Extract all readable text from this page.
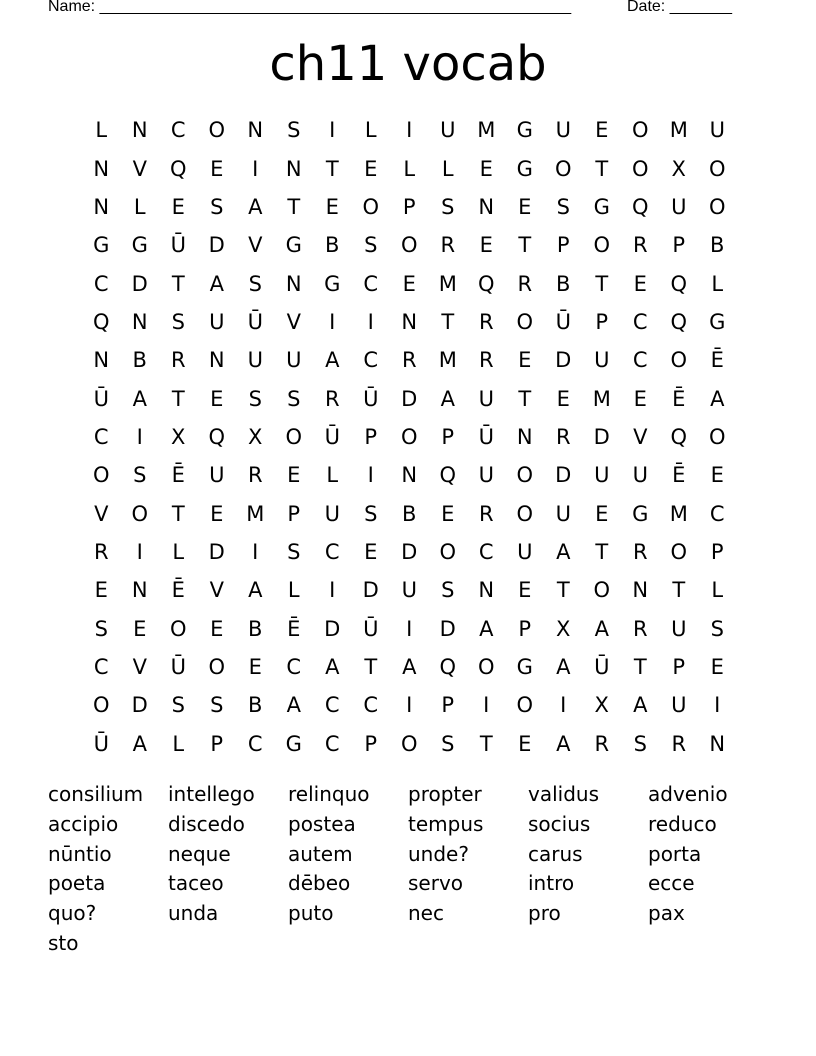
Name: _____________________________________________________	Date: _______
ch11 vocab
L	N	C	O	N	S	I	L	I	U	M	G	U	E	O	M	U
N	V	Q	E	I	N	T	E	L	L	E	G	O	T	O	X	O
N	L	E	S	A	T	E	O	P	S	N	E	S	G	Q	U	O
G	G	Ū	D	V	G	B	S	O	R	E	T	P	O	R	P	B
C	D	T	A	S	N	G	C	E	M	Q	R	B	T	E	Q	L
Q	N	S	U	Ū	V	I	I	N	T	R	O	Ū	P	C	Q	G
N	B	R	N	U	U	A	C	R	M	R	E	D	U	C	O	Ē
Ū	A	T	E	S	S	R	Ū	D	A	U	T	E	M	E	Ē	A
C	I	X	Q	X	O	Ū	P	O	P	Ū	N	R	D	V	Q	O
O	S	Ē	U	R	E	L	I	N	Q	U	O	D	U	U	Ē	E
V	O	T	E	M	P	U	S	B	E	R	O	U	E	G	M	C
R	I	L	D	I	S	C	E	D	O	C	U	A	T	R	O	P
E	N	Ē	V	A	L	I	D	U	S	N	E	T	O	N	T	L
S	E	O	E	B	Ē	D	Ū	I	D	A	P	X	A	R	U	S
C	V	Ū	O	E	C	A	T	A	Q	O	G	A	Ū	T	P	E
O	D	S	S	B	A	C	C	I	P	I	O	I	X	A	U	I
Ū	A	L	P	C	G	C	P	O	S	T	E	A	R	S	R	N
consilium	intellego	relinquo	propter	validus	advenio
accipio	discedo	postea	tempus	socius	reduco
nūntio	neque	autem	unde?	carus	porta
poeta	taceo	dēbeo	servo	intro	ecce
quo?	unda	puto	nec	pro	pax
sto
